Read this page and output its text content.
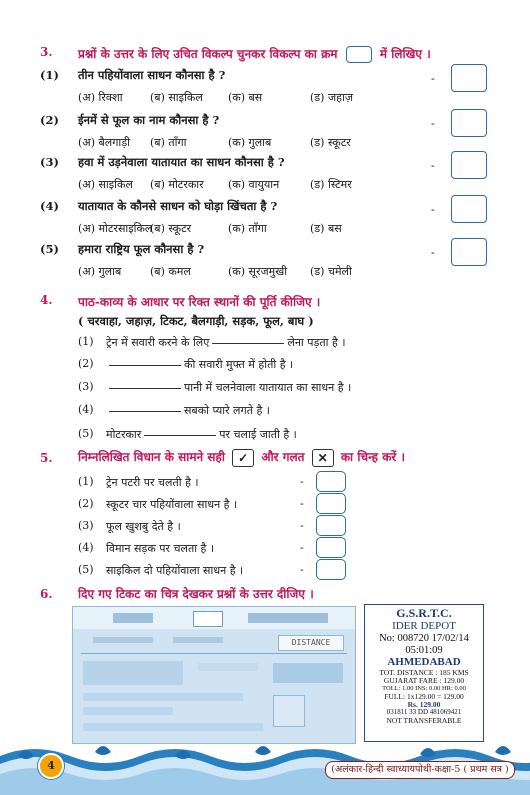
3. प्रश्नों के उत्तर के लिए उचित विकल्प चुनकर विकल्प का क्रम	में लिखिए ।
(1) तीन पहियोंवाला साधन कौनसा है ?
(अ) रिक्शा (ब) साइकिल (क) बस	(ड) जहाज़
-
(2) ईनमें से फूल का नाम कौनसा है ?
(अ) बैलगाड़ी (ब) ताँगा	(क) गुलाब	(ड) स्कूटर
-
(3) हवा में उड़नेवाला यातायात का साधन कौनसा है ?
(अ) साइकिल (ब) मोटरकार (क) वायुयान	(ड) स्टिमर
-
(4) यातायात के कौनसे साधन को घोड़ा खिंचता है ?
(अ) मोटरसाइकिल
(ब) स्कूटर	(क) ताँगा	(ड) बस
-
(5) हमारा राष्ट्रिय फूल कौनसा है ?
(अ) गुलाब	(ब) कमल	(क) सूरजमुखी (ड) चमेली
-
4. पाठ-काव्य के आधार पर रिक्त स्थानों की पूर्ति कीजिए ।
( चरवाहा, जहाज़, टिकट, बैलगाड़ी, सड़क, फूल, बाघ )
(1) ट्रेन में सवारी करने के लिए	लेना पड़ता है ।
(2)	की सवारी मुफ्त में होती है ।
(3)	पानी में चलनेवाला यातायात का साधन है ।
(4)	सबको प्यारे लगते है ।
(5) मोटरकार	पर चलाई जाती है ।
5. निम्नलिखित विधान के सामने सही ✓ और गलत ✕ का चिन्ह करें ।
(1) ट्रेन पटरी पर चलती है ।	-
(2) स्कूटर चार पहियोंवाला साधन है ।	-
(3) फूल खुशबु देते है ।	-
(4) विमान सड़क पर चलता है ।	-
(5) साइकिल दो पहियोंवाला साधन है ।	-
6. दिए गए टिकट का चित्र देखकर प्रश्नों के उत्तर दीजिए ।
DISTANCE
G.S.R.T.C.
IDER DEPOT
No: 008720 17/02/14
05:01:09
AHMEDABAD
TOT. DISTANCE : 185 KMS
GUJARAT FARE : 129.00
TOLL: 1.00 INS: 0.00 HR: 0.00
FULL: 1x129.00 = 129.00
Rs. 129.00
031811 33 DD 481069421
NOT TRANSFERABLE
4	(अलंकार-हिन्दी स्वाध्यायपोथी-कक्षा-5 ( प्रथम सत्र )
